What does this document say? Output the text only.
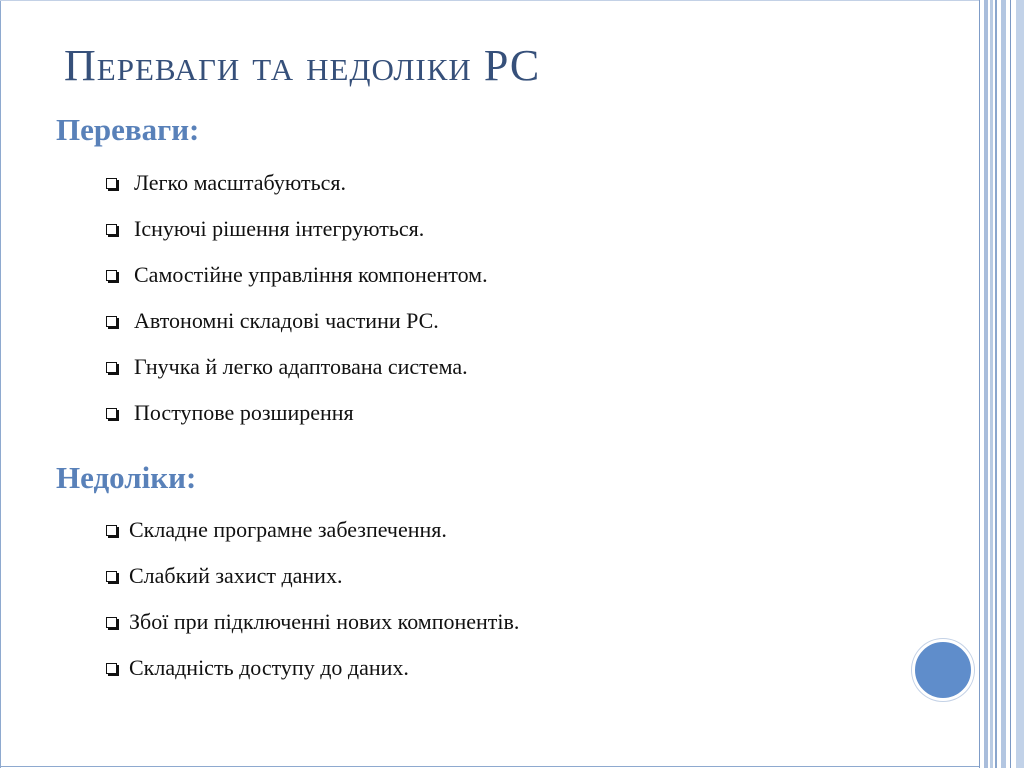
Переваги та недоліки РС
Переваги:
Легко масштабуються.
Існуючі рішення інтегруються.
Самостійне управління компонентом.
Автономні складові частини РС.
Гнучка й легко адаптована система.
Поступове розширення
Недоліки:
Складне програмне забезпечення.
Слабкий захист даних.
Збої при підключенні нових компонентів.
Складність доступу до даних.
